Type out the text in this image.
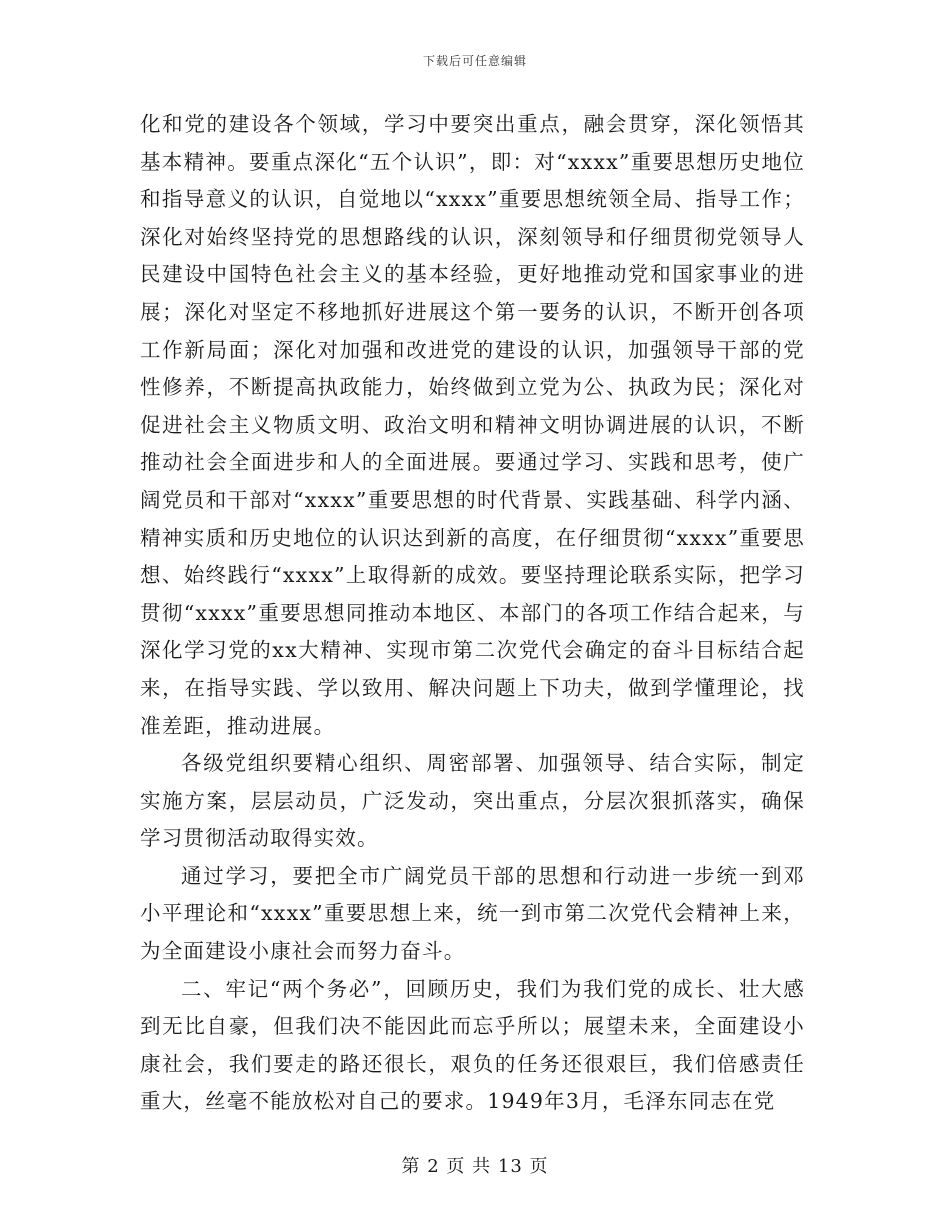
下载后可任意编辑

化和党的建设各个领域，学习中要突出重点，融会贯穿，深化领悟其基本精神。要重点深化“五个认识”，即：对“xxxx”重要思想历史地位和指导意义的认识，自觉地以“xxxx”重要思想统领全局、指导工作；深化对始终坚持党的思想路线的认识，深刻领导和仔细贯彻党领导人民建设中国特色社会主义的基本经验，更好地推动党和国家事业的进展；深化对坚定不移地抓好进展这个第一要务的认识，不断开创各项工作新局面；深化对加强和改进党的建设的认识，加强领导干部的党性修养，不断提高执政能力，始终做到立党为公、执政为民；深化对促进社会主义物质文明、政治文明和精神文明协调进展的认识，不断推动社会全面进步和人的全面进展。要通过学习、实践和思考，使广阔党员和干部对“xxxx”重要思想的时代背景、实践基础、科学内涵、精神实质和历史地位的认识达到新的高度，在仔细贯彻“xxxx”重要思想、始终践行“xxxx”上取得新的成效。要坚持理论联系实际，把学习贯彻“xxxx”重要思想同推动本地区、本部门的各项工作结合起来，与深化学习党的xx大精神、实现市第二次党代会确定的奋斗目标结合起来，在指导实践、学以致用、解决问题上下功夫，做到学懂理论，找准差距，推动进展。

各级党组织要精心组织、周密部署、加强领导、结合实际，制定实施方案，层层动员，广泛发动，突出重点，分层次狠抓落实，确保学习贯彻活动取得实效。

通过学习，要把全市广阔党员干部的思想和行动进一步统一到邓小平理论和“xxxx”重要思想上来，统一到市第二次党代会精神上来，为全面建设小康社会而努力奋斗。

二、牢记“两个务必”，回顾历史，我们为我们党的成长、壮大感到无比自豪，但我们决不能因此而忘乎所以；展望未来，全面建设小康社会，我们要走的路还很长，艰负的任务还很艰巨，我们倍感责任重大，丝毫不能放松对自己的要求。1949年3月，毛泽东同志在党

第 2 页 共 13 页
